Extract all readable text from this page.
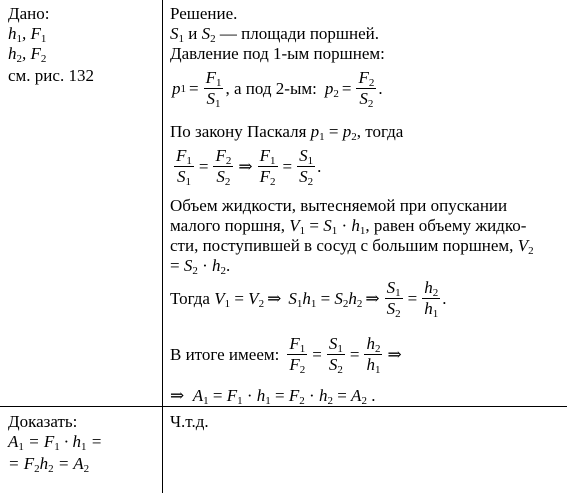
Дано:
$h_1$, $F_1$
$h_2$, $F_2$
см. рис. 132
Решение.
$S_1$ и $S_2$ — площади поршней.
Давление под 1-ым поршнем:
p $1 = \frac{F_1}{S_1}$ , а под 2-ым: $p_2 = \frac{F_2}{S_2}$ .
По закону Паскаля $p_1 = p_2$, тогда
$\frac{F_1}{S_1} = \frac{F_2}{S_2}$ ⇒ $\frac{F_1}{F_2} = \frac{S_1}{S_2}$ .
Объем жидкости, вытесняемой при опускании
малого поршня, $V_1 = S_1 \cdot h_1$, равен объему жидко-
сти, поступившей в сосуд с большим поршнем, $V_2$
= $S_2 \cdot h_2$.
Тогда $V_1 = V_2$ ⇒ $S_1h_1 = S_2h_2$ ⇒ $\frac{S_1}{S_2} = \frac{h_2}{h_1}$ .
В итоге имеем: $\frac{F_1}{F_2} = \frac{S_1}{S_2} = \frac{h_2}{h_1}$ ⇒
⇒  $A_1 = F_1 \cdot h_1 = F_2 \cdot h_2 = A_2$ .
Доказать:
$A_1 = F_1 \cdot h_1$ =
= $F_2h_2 = A_2$
Ч.т.д.
